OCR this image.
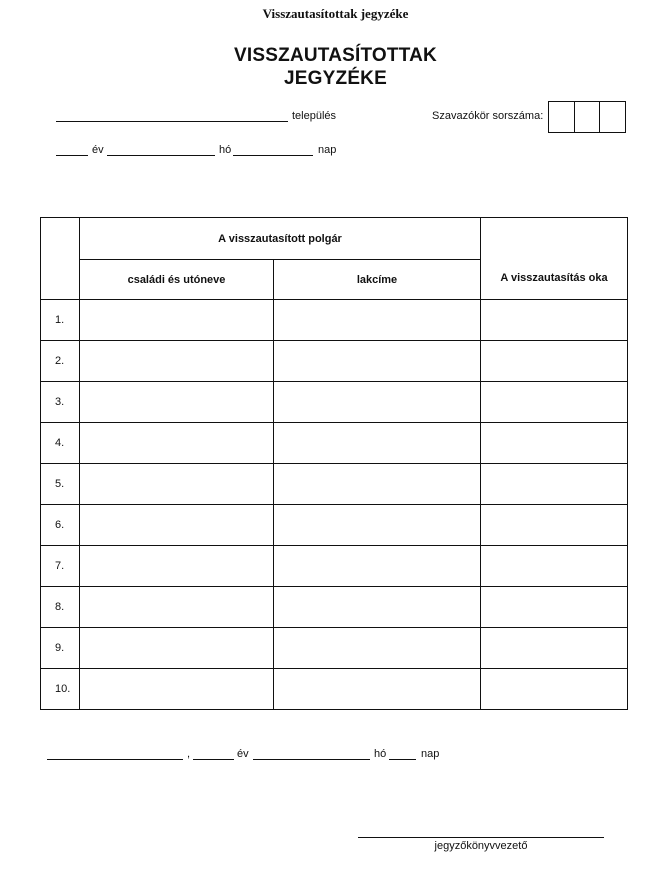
Visszautasítottak jegyzéke
VISSZAUTASÍTOTTAK
JEGYZÉKE
település	Szavazókör sorszáma:
év	hó	nap
	A visszautasított polgár		A visszautasítás oka
	családi és utóneve	lakcíme	
1.			
2.			
3.			
4.			
5.			
6.			
7.			
8.			
9.			
10.			
,	év	hó	nap
jegyzőkönyvvezető
